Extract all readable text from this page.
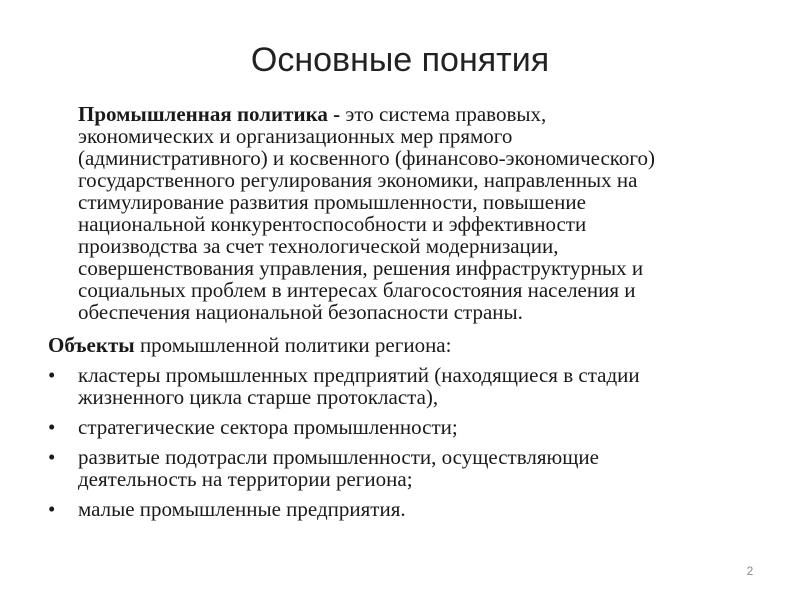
Основные понятия
Промышленная политика - это система правовых,
экономических и организационных мер прямого
(административного) и косвенного (финансово-экономического)
государственного регулирования экономики, направленных на
стимулирование развития промышленности, повышение
национальной конкурентоспособности и эффективности
производства за счет технологической модернизации,
совершенствования управления, решения инфраструктурных и
социальных проблем в интересах благосостояния населения и
обеспечения национальной безопасности страны.
Объекты промышленной политики региона:
• кластеры промышленных предприятий (находящиеся в стадии
жизненного цикла старше протокласта),
• стратегические сектора промышленности;
• развитые подотрасли промышленности, осуществляющие
деятельность на территории региона;
• малые промышленные предприятия.
2
